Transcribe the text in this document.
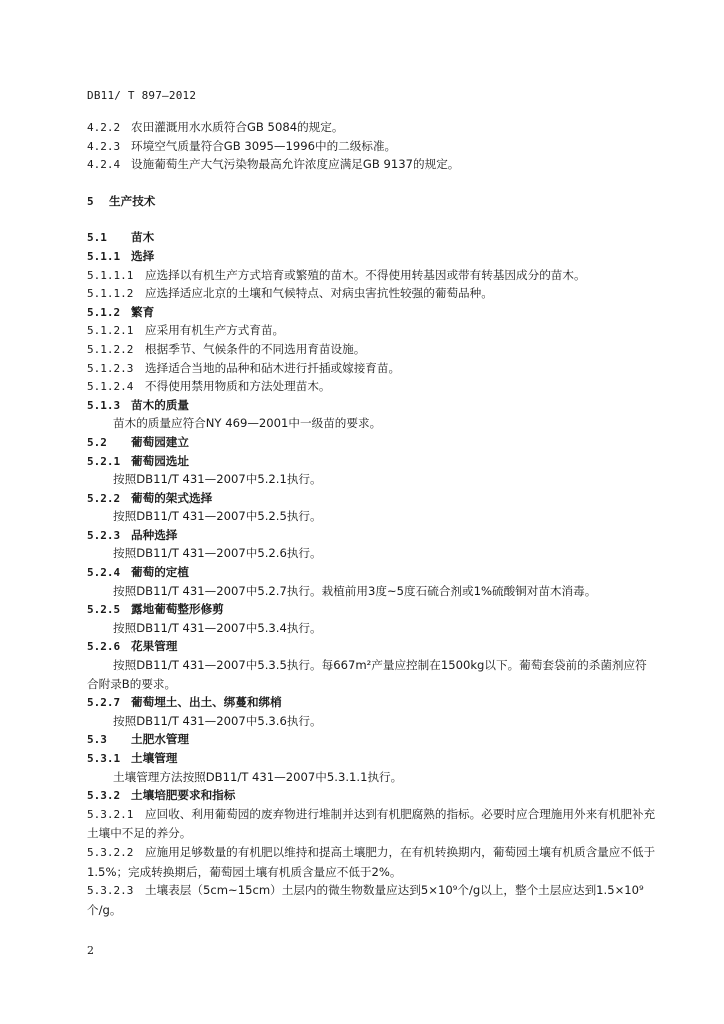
DB11/ T 897—2012
4.2.2 农田灌溉用水水质符合GB 5084的规定。
4.2.3 环境空气质量符合GB 3095—1996中的二级标准。
4.2.4 设施葡萄生产大气污染物最高允许浓度应满足GB 9137的规定。
5 生产技术
5.1 苗木
5.1.1 选择
5.1.1.1 应选择以有机生产方式培育或繁殖的苗木。不得使用转基因或带有转基因成分的苗木。
5.1.1.2 应选择适应北京的土壤和气候特点、对病虫害抗性较强的葡萄品种。
5.1.2 繁育
5.1.2.1 应采用有机生产方式育苗。
5.1.2.2 根据季节、气候条件的不同选用育苗设施。
5.1.2.3 选择适合当地的品种和砧木进行扦插或嫁接育苗。
5.1.2.4 不得使用禁用物质和方法处理苗木。
5.1.3 苗木的质量
苗木的质量应符合NY 469—2001中一级苗的要求。
5.2 葡萄园建立
5.2.1 葡萄园选址
按照DB11/T 431—2007中5.2.1执行。
5.2.2 葡萄的架式选择
按照DB11/T 431—2007中5.2.5执行。
5.2.3 品种选择
按照DB11/T 431—2007中5.2.6执行。
5.2.4 葡萄的定植
按照DB11/T 431—2007中5.2.7执行。栽植前用3度~5度石硫合剂或1%硫酸铜对苗木消毒。
5.2.5 露地葡萄整形修剪
按照DB11/T 431—2007中5.3.4执行。
5.2.6 花果管理
按照DB11/T 431—2007中5.3.5执行。每667m²产量应控制在1500kg以下。葡萄套袋前的杀菌剂应符合附录B的要求。
5.2.7 葡萄埋土、出土、绑蔓和绑梢
按照DB11/T 431—2007中5.3.6执行。
5.3 土肥水管理
5.3.1 土壤管理
土壤管理方法按照DB11/T 431—2007中5.3.1.1执行。
5.3.2 土壤培肥要求和指标
5.3.2.1 应回收、利用葡萄园的废弃物进行堆制并达到有机肥腐熟的指标。必要时应合理施用外来有机肥补充土壤中不足的养分。
5.3.2.2 应施用足够数量的有机肥以维持和提高土壤肥力，在有机转换期内，葡萄园土壤有机质含量应不低于1.5%；完成转换期后，葡萄园土壤有机质含量应不低于2%。
5.3.2.3 土壤表层（5cm~15cm）土层内的微生物数量应达到5×10⁹个/g以上，整个土层应达到1.5×10⁹个/g。
2
